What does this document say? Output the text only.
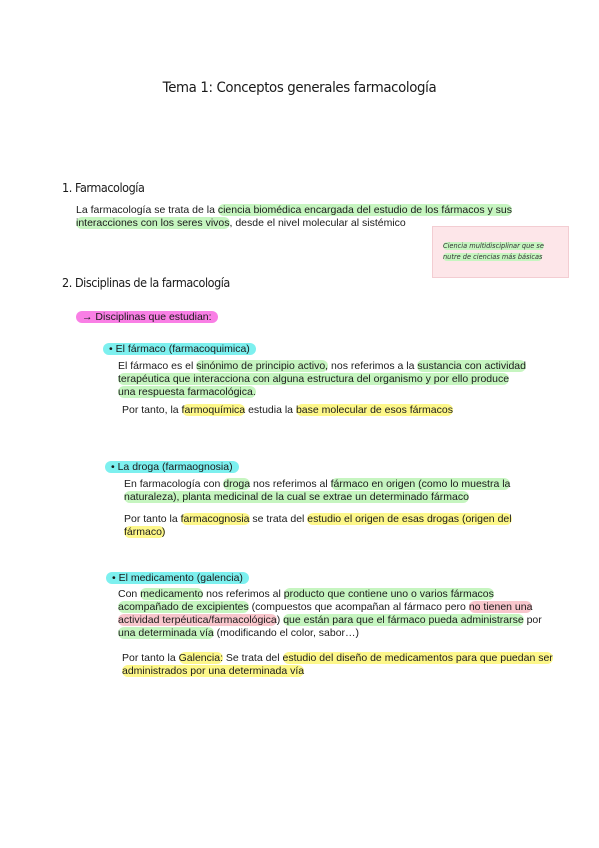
Tema 1: Conceptos generales farmacología
1. Farmacología
La farmacología se trata de la ciencia biomédica encargada del estudio de los fármacos y sus
interacciones con los seres vivos, desde el nivel molecular al sistémico
Ciencia multidisciplinar que se
nutre de ciencias más básicas
2. Disciplinas de la farmacología
→ Disciplinas que estudian:
• El fármaco (farmacoquimica)
El fármaco es el sinónimo de principio activo, nos referimos a la sustancia con actividad
terapéutica que interacciona con alguna estructura del organismo y por ello produce
una respuesta farmacológica.
Por tanto, la farmoquímica estudia la base molecular de esos fármacos
• La droga (farmaognosia)
En farmacología con droga nos referimos al fármaco en origen (como lo muestra la
naturaleza), planta medicinal de la cual se extrae un determinado fármaco
Por tanto la farmacognosia se trata del estudio el origen de esas drogas (origen del
fármaco)
• El medicamento (galencia)
Con medicamento nos referimos al producto que contiene uno o varios fármacos
acompañado de excipientes (compuestos que acompañan al fármaco pero no tienen una
actividad terpéutica/farmacológica) que están para que el fármaco pueda administrarse por
una determinada vía (modificando el color, sabor…)
Por tanto la Galencia: Se trata del estudio del diseño de medicamentos para que puedan ser
administrados por una determinada vía
